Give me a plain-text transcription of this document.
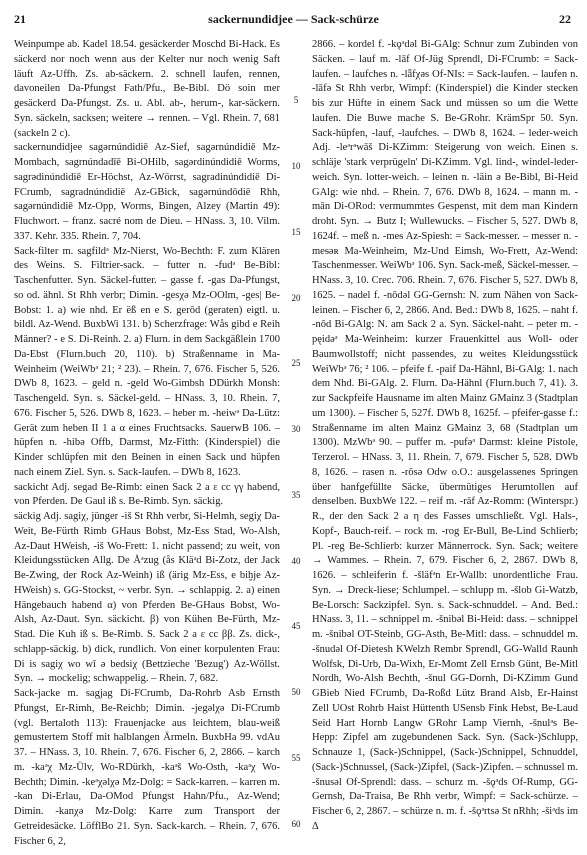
21	sackernundidjee — Sack-schürze	22

Weinpumpe ab. Kadel 18.54. gesäckerder Moschd Bi-Hack. Es säckerd nor noch wenn aus der Kelter nur noch wenig Saft läuft Az-Uffh. Zs. ab-säckern. 2. schnell laufen, rennen, davoneilen Da-Pfungst Fath/Pfu., Be-Bibl. Dö soin mer gesäckerd Da-Pfungst. Zs. u. Abl. ab-, herum-, kar-säckern. Syn. säckeln, sacksen; weitere → rennen. – Vgl. Rhein. 7, 681 (sackeln 2 c).

sackernundidjee sagərnúndidiē Az-Sief, sagərnúndidiē Mz-Mombach, sagrnúndadīē Bi-OHilb, sagərdinúndidiē Worms, sagrədinúndidiē Er-Höchst, Az-Wörrst, sagradinúndidiē Di-FCrumb, sagradnúndidiē Az-GBick, sagərnúndōdiē Rhh, sagərnúndidiē Mz-Opp, Worms, Bingen, Alzey (Martin 49): Fluchwort. – franz. sacré nom de Dieu. – HNass. 3, 10. Vilm. 337. Kehr. 335. Rhein. 7, 704.

Sack-filter m. sagfildᵊ Mz-Nierst, Wo-Bechth: F. zum Klären des Weins. S. Filtrier-sack. – futter n. -fudᵊ Be-Bibl: Taschenfutter. Syn. Säckel-futter. – gasse f. -gas Da-Pfungst, so od. ähnl. St Rhh verbr; Dimin. -gesχə Mz-OOlm, -ges| Be-Bobst: 1. a) wie nhd. Er ëß en e S. gerōd (geraten) eigtl. u. bildl. Az-Wend. BuxbWi 131. b) Scherzfrage: Wås gibd e Reih Männer? - e S. Di-Reinh. 2. a) Flurn. in dem Sackgäßlein 1700 Da-Ebst (Flurn.buch 20, 110). b) Straßenname in Ma-Weinheim (WeiWbᵊ 21; ² 23). – Rhein. 7, 676. Fischer 5, 526. DWb 8, 1623. – geld n. -geld Wo-Gimbsh DDürkh Monsh: Taschengeld. Syn. s. Säckel-geld. – HNass. 3, 10. Rhein. 7, 676. Fischer 5, 526. DWb 8, 1623. – heber m. -heiwᵊ Da-Lütz: Gerät zum heben II 1 a α eines Fruchtsacks. SauerwB 106. – hüpfen n. -hibə Offb, Darmst, Mz-Fitth: (Kinderspiel) die Kinder schlüpfen mit den Beinen in einen Sack und hüpfen nach einem Ziel. Syn. s. Sack-laufen. – DWb 8, 1623.

sackicht Adj. segad Be-Rimb: einen Sack 2 a ε cc γγ habend, von Pferden. De Gaul iß s. Be-Rimb. Syn. säckig.

säckig Adj. sagiχ, jünger -iš St Rhh verbr, Si-Helmh, segiχ Da-Weit, Be-Fürth Rimb GHaus Bobst, Mz-Ess Stad, Wo-Alsh, Az-Daut HWeish, -iš Wo-Frett: 1. nicht passend; zu weit, von Kleidungsstücken Allg. De Åᵊzug (ås Kläᵊd Bi-Zotz, der Jack Be-Zwing, der Rock Az-Weinh) iß (ärig Mz-Ess, e biḫje Az-HWeish) s. GG-Stockst, ~ verbr. Syn. → schlappig. 2. a) einen Hängebauch habend α) von Pferden Be-GHaus Bobst, Wo-Alsh, Az-Daut. Syn. säckicht. β) von Kühen Be-Fürth, Mz-Stad. Die Kuh iß s. Be-Rimb. S. Sack 2 a ε cc ββ. Zs. dick-, schlapp-säckig. b) dick, rundlich. Von einer korpulenten Frau: Di is sagiχ wo wī ə bedsiχ (Bettzieche 'Bezug') Az-Wöllst. Syn. → mockelig; schwappelig. – Rhein. 7, 682.

Sack-jacke m. sagjag Di-FCrumb, Da-Rohrb Asb Ernsth Pfungst, Er-Rimh, Be-Reichb; Dimin. -jegəlχə Di-FCrumb (vgl. Bertaloth 113): Frauenjacke aus leichtem, blau-weiß gemustertem Stoff mit halblangen Ärmeln. BuxbHa 99. vdAu 37. – HNass. 3, 10. Rhein. 7, 676. Fischer 6, 2, 2866. – karch m. -kaᵊχ Mz-Ülv, Wo-RDürkh, -kaᵊš Wo-Osth, -kaᵊχ Wo-Bechth; Dimin. -keᵊχəlχə Mz-Dolg: = Sack-karren. – karren m. -kan Di-Erlau, Da-OMod Pfungst Hahn/Pfu., Az-Wend; Dimin. -kanχə Mz-Dolg: Karre zum Transport der Getreidesäcke. LöfflBo 21. Syn. Sack-karch. – Rhein. 7, 676. Fischer 6, 2,

5
10
15
20
25
30
35
40
45
50
55
60

2866. – kordel f. -kǫᵊdəl Bi-GAlg: Schnur zum Zubinden von Säcken. – lauf m. -lāf Of-Jüg Sprendl, Di-FCrumb: = Sack-laufen. – laufches n. -lǟfχəs Of-NIs: = Sack-laufen. – laufen n. -lāfə St Rhh verbr, Wimpf: (Kinderspiel) die Kinder stecken bis zur Hüfte in einem Sack und müssen so um die Wette laufen. Die Buwe mache S. Be-GRohr. KrämSpr 50. Syn. Sack-hüpfen, -lauf, -laufches. – DWb 8, 1624. – leder-weich Adj. -leᵊrᵊwāš Di-KZimm: Steigerung von weich. Einen s. schläje 'stark verprügeln' Di-KZimm. Vgl. lind-, windel-leder-weich. Syn. lotter-weich. – leinen n. -läin ə Be-Bibl, Bi-Heid GAlg: wie nhd. – Rhein. 7, 676. DWb 8, 1624. – mann m. -mān Di-ORod: vermummtes Gespenst, mit dem man Kindern droht. Syn. → Butz I; Wullewucks. – Fischer 5, 527. DWb 8, 1624f. – meß n. -meᵴ Az-Spiesh: = Sack-messer. – messer n. -meᵴəʀ Ma-Weinheim, Mz-Und Eimsh, Wo-Frett, Az-Wend: Taschenmesser. WeiWbᵊ 106. Syn. Sack-meß, Säckel-messer. – HNass. 3, 10. Crec. 706. Rhein. 7, 676. Fischer 5, 527. DWb 8, 1625. – nadel f. -nōdəl GG-Gernsh: N. zum Nähen von Sack-leinen. – Fischer 6, 2, 2866. And. Bed.: DWb 8, 1625. – naht f. -nōd Bi-GAlg: N. am Sack 2 a. Syn. Säckel-naht. – peter m. -pęidəᵊ Ma-Weinheim: kurzer Frauenkittel aus Woll- oder Baumwollstoff; nicht passendes, zu weites Kleidungsstück WeiWbᵊ 76; ² 106. – pfeife f. -paif Da-Hähnl, Bi-GAlg: 1. nach dem Nhd. Bi-GAlg. 2. Flurn. Da-Hähnl (Flurn.buch 7, 41). 3. zur Sackpfeife Hausname im alten Mainz GMainz 3 (Stadtplan um 1300). – Fischer 5, 527f. DWb 8, 1625f. – pfeifer-gasse f.: Straßenname im alten Mainz GMainz 3, 68 (Stadtplan um 1300). MzWbᵊ 90. – puffer m. -pufəᵊ Darmst: kleine Pistole, Terzerol. – HNass. 3, 11. Rhein. 7, 679. Fischer 5, 528. DWb 8, 1626. – rasen n. -rōsə Odw o.O.: ausgelassenes Springen über hanfgefüllte Säcke, übermütiges Herumtollen auf denselben. BuxbWe 122. – reif m. -rāf Az-Romm: (Winterspr.) R., der den Sack 2 a η des Fasses umschließt. Vgl. Hals-, Kopf-, Bauch-reif. – rock m. -rog Er-Bull, Be-Lind Schlierb; Pl. -reg Be-Schlierb: kurzer Männerrock. Syn. Sack; weitere → Wammes. – Rhein. 7, 679. Fischer 6, 2, 2867. DWb 8, 1626. – schleiferin f. -šläfᵊn Er-Wallb: unordentliche Frau. Syn. → Dreck-liese; Schlumpel. – schlupp m. -šlob Gi-Watzb, Be-Lorsch: Sackzipfel. Syn. s. Sack-schnuddel. – And. Bed.: HNass. 3, 11. – schnippel m. -šnibəl Bi-Heid: dass. – schnippel m. -šnibəl OT-Steinb, GG-Asth, Be-Mitl: dass. – schnuddel m. -šnudəl Of-Dietesh KWelzh Rembr Sprendl, GG-Walld Raunh Wolfsk, Di-Urb, Da-Wixh, Er-Momt Zell Ernsb Günt, Be-Mitl Nordh, Wo-Alsh Bechth, -šnul GG-Dornh, Di-KZimm Gund GBieb Nied FCrumb, Da-Roßd Lütz Brand Alsb, Er-Hainst Zell UOst Rohrb Haist Hüttenth USensb Fink Hebst, Be-Laud Seid Hart Hornb Langw GRohr Lamp Viernh, -šnulᵊs Be-Hepp: Zipfel am zugebundenen Sack. Syn. (Sack-)Schlupp, Schnauze 1, (Sack-)Schnippel, (Sack-)Schnippel, Schnuddel, (Sack-)Schnussel, (Sack-)Zipfel, (Sack-)Zipfen. – schnussel m. -šnusəl Of-Sprendl: dass. – schurz m. -šǫᵊds Of-Rump, GG-Gernsh, Da-Traisa, Be Rhh verbr, Wimpf: = Sack-schürze. – Fischer 6, 2, 2867. – schürze n. m. f. -šǫᵊrtsə St nRhh; -šiᵊds im Δ
